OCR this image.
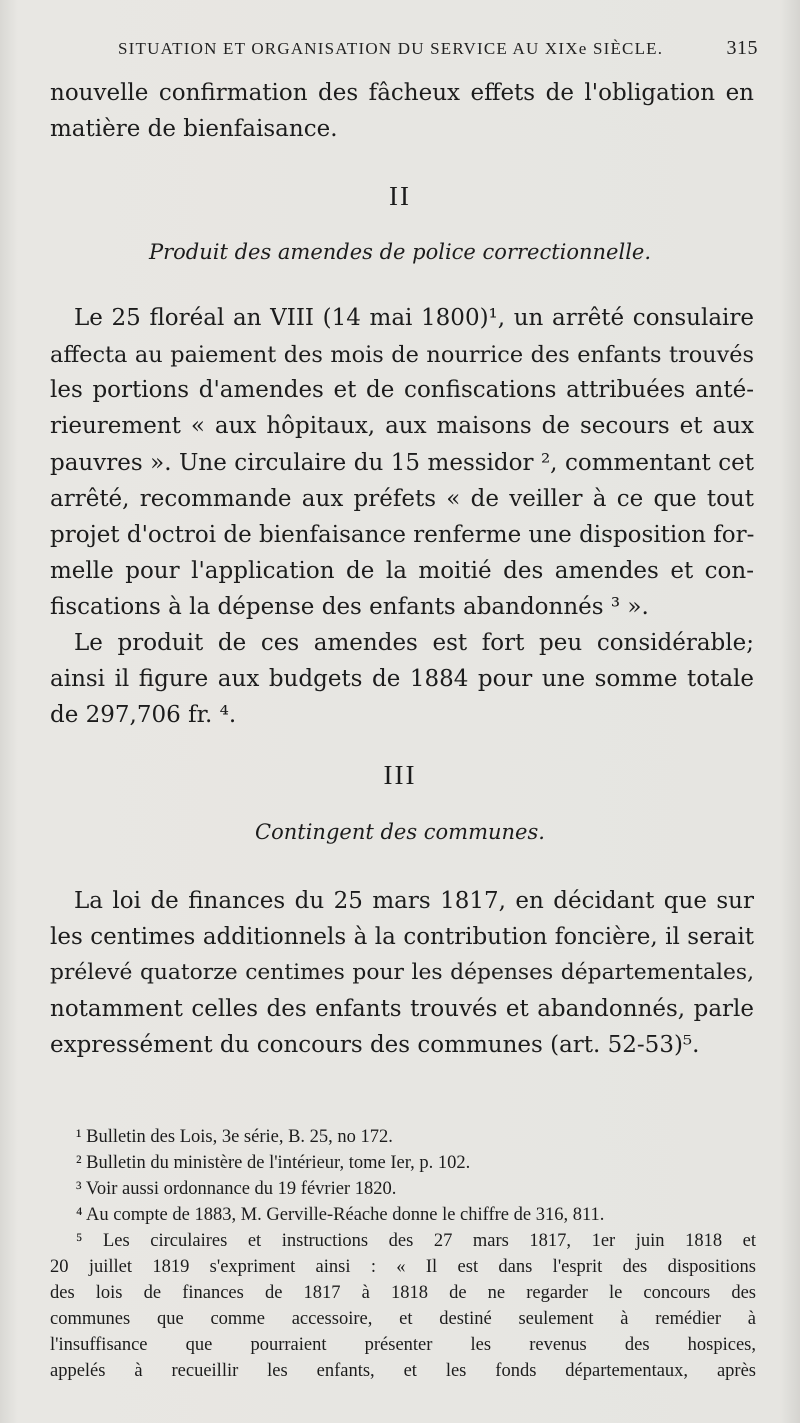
SITUATION ET ORGANISATION DU SERVICE AU XIXe SIÈCLE.	315
nouvelle confirmation des fâcheux effets de l'obligation en
matière de bienfaisance.
II
Produit des amendes de police correctionnelle.
Le 25 floréal an VIII (14 mai 1800)¹, un arrêté consulaire
affecta au paiement des mois de nourrice des enfants trouvés
les portions d'amendes et de confiscations attribuées anté-
rieurement « aux hôpitaux, aux maisons de secours et aux
pauvres ». Une circulaire du 15 messidor ², commentant cet
arrêté, recommande aux préfets « de veiller à ce que tout
projet d'octroi de bienfaisance renferme une disposition for-
melle pour l'application de la moitié des amendes et con-
fiscations à la dépense des enfants abandonnés ³ ».
Le produit de ces amendes est fort peu considérable;
ainsi il figure aux budgets de 1884 pour une somme totale
de 297,706 fr. ⁴.
III
Contingent des communes.
La loi de finances du 25 mars 1817, en décidant que sur
les centimes additionnels à la contribution foncière, il serait
prélevé quatorze centimes pour les dépenses départementales,
notamment celles des enfants trouvés et abandonnés, parle
expressément du concours des communes (art. 52-53)⁵.
¹ Bulletin des Lois, 3e série, B. 25, no 172.
² Bulletin du ministère de l'intérieur, tome Ier, p. 102.
³ Voir aussi ordonnance du 19 février 1820.
⁴ Au compte de 1883, M. Gerville-Réache donne le chiffre de 316, 811.
⁵ Les circulaires et instructions des 27 mars 1817, 1er juin 1818 et
20 juillet 1819 s'expriment ainsi : « Il est dans l'esprit des dispositions
des lois de finances de 1817 à 1818 de ne regarder le concours des
communes que comme accessoire, et destiné seulement à remédier à
l'insuffisance que pourraient présenter les revenus des hospices,
appelés à recueillir les enfants, et les fonds départementaux, après
